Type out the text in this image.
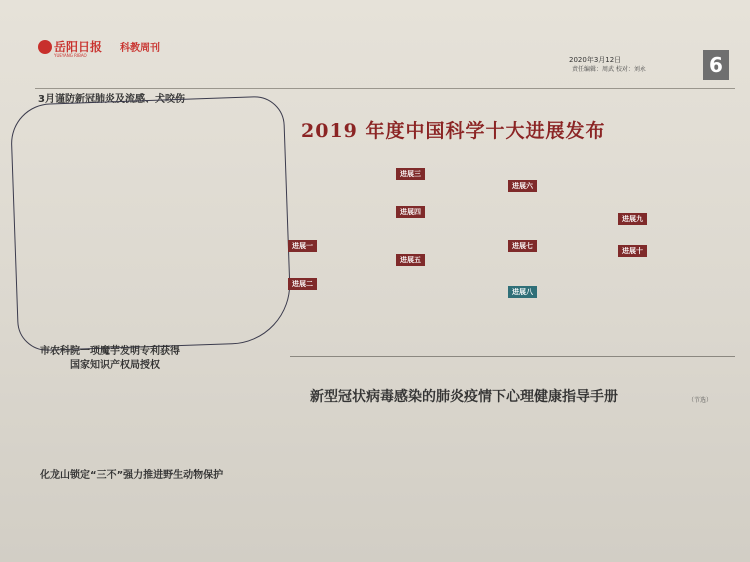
岳阳日报 科教周刊
YUEYANG RIBAO
2020年3月12日
责任编辑：周武 校对：刘永	6
3月谨防新冠肺炎及流感、犬咬伤
市农科院一项魔芋发明专利获得
国家知识产权局授权
化龙山锁定“三不”强力推进野生动物保护
2019 年度中国科学十大进展发布
进展一
进展二
进展三
进展四
进展五
进展六
进展七
进展八
进展九
进展十
新型冠状病毒感染的肺炎疫情下心理健康指导手册	（节选）
